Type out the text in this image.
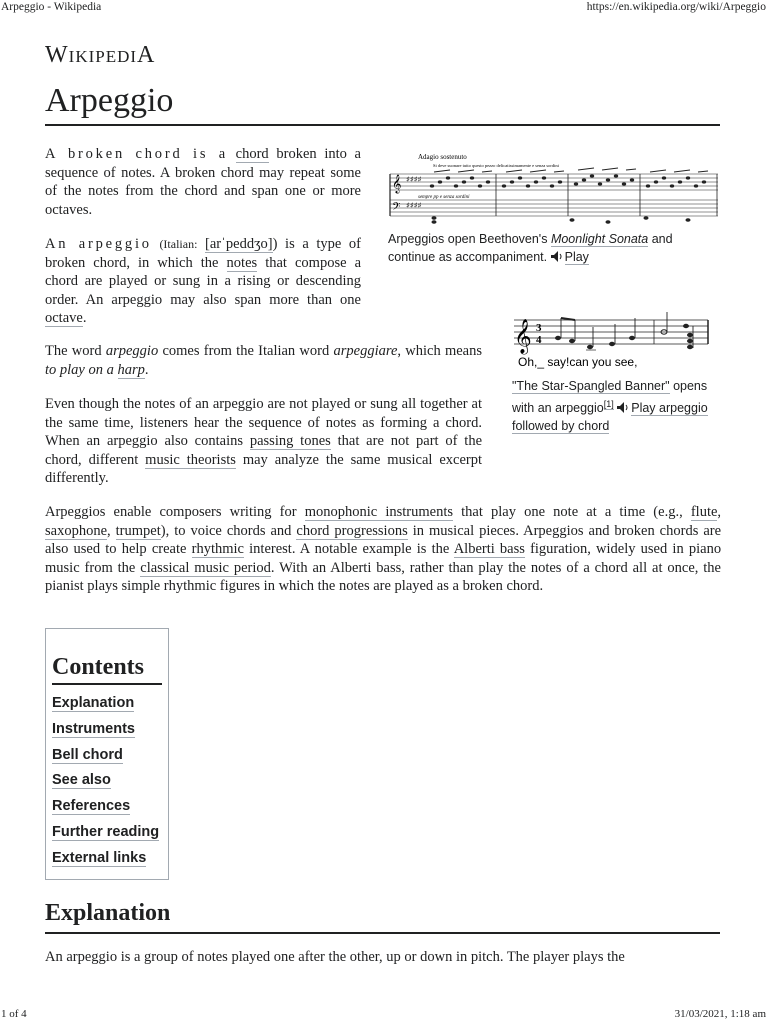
Arpeggio - Wikipedia	https://en.wikipedia.org/wiki/Arpeggio
WikipediA
Arpeggio
A broken chord is a chord broken into a sequence of notes. A broken chord may repeat some of the notes from the chord and span one or more octaves.
An arpeggio (Italian: [arˈpeddʒo]) is a type of broken chord, in which the notes that compose a chord are played or sung in a rising or descending order. An arpeggio may also span more than one octave.
The word arpeggio comes from the Italian word arpeggiare, which means to play on a harp.
Even though the notes of an arpeggio are not played or sung all together at the same time, listeners hear the sequence of notes as forming a chord. When an arpeggio also contains passing tones that are not part of the chord, different music theorists may analyze the same musical excerpt differently.
Arpeggios enable composers writing for monophonic instruments that play one note at a time (e.g., flute, saxophone, trumpet), to voice chords and chord progressions in musical pieces. Arpeggios and broken chords are also used to help create rhythmic interest. A notable example is the Alberti bass figuration, widely used in piano music from the classical music period. With an Alberti bass, rather than play the notes of a chord all at once, the pianist plays simple rhythmic figures in which the notes are played as a broken chord.
Adagio sostenuto
Si deve suonare tutto questo pezzo delicatissimamente e senza sordini
𝄞
𝄢
♯♯♯♯
♯♯♯♯
sempre pp e senza sordini
Arpeggios open Beethoven's Moonlight Sonata and continue as accompaniment. Play
𝄞 3
4
Oh,_ say!can you see,
"The Star-Spangled Banner" opens with an arpeggio[1] Play arpeggio followed by chord
Contents
Explanation
Instruments
Bell chord
See also
References
Further reading
External links
Explanation
An arpeggio is a group of notes played one after the other, up or down in pitch. The player plays the
1 of 4	31/03/2021, 1:18 am
